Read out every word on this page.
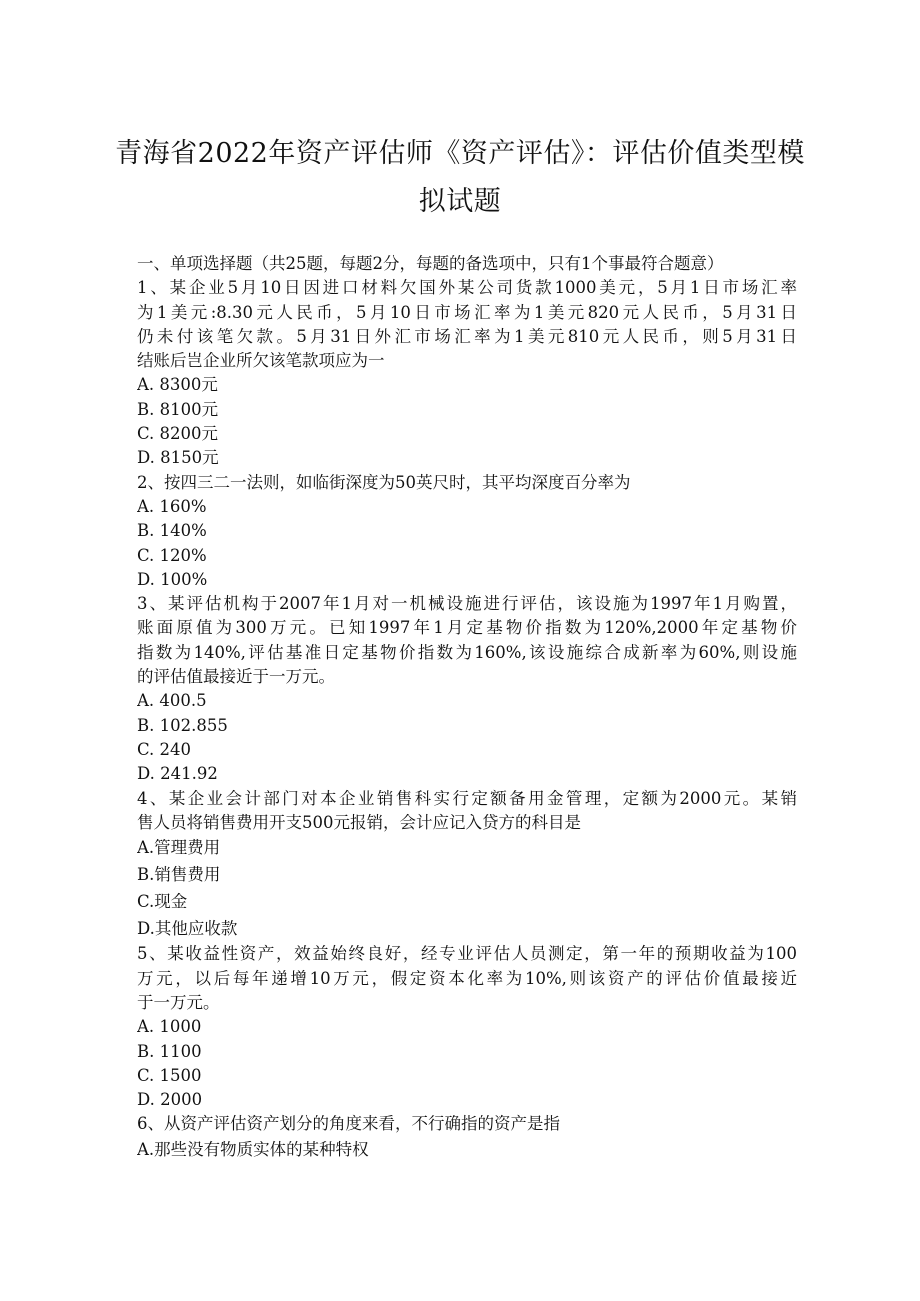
青海省2022年资产评估师《资产评估》：评估价值类型模
拟试题
一、单项选择题（共25题，每题2分，每题的备选项中，只有1个事最符合题意）
1、某企业5月10日因进口材料欠国外某公司货款1000美元，5月1日市场汇率
为1美元:8.30元人民币，5月10日市场汇率为1美元820元人民币，5月31日
仍未付该笔欠款。5月31日外汇市场汇率为1美元810元人民币，则5月31日
结账后岂企业所欠该笔款项应为一
A. 8300元
B. 8100元
C. 8200元
D. 8150元
2、按四三二一法则，如临街深度为50英尺时，其平均深度百分率为
A. 160%
B. 140%
C. 120%
D. 100%
3、某评估机构于2007年1月对一机械设施进行评估，该设施为1997年1月购置，
账面原值为300万元。已知1997年1月定基物价指数为120%,2000年定基物价
指数为140%,评估基准日定基物价指数为160%,该设施综合成新率为60%,则设施
的评估值最接近于一万元。
A. 400.5
B. 102.855
C. 240
D. 241.92
4、某企业会计部门对本企业销售科实行定额备用金管理，定额为2000元。某销
售人员将销售费用开支500元报销，会计应记入贷方的科目是
A.管理费用
B.销售费用
C.现金
D.其他应收款
5、某收益性资产，效益始终良好，经专业评估人员测定，第一年的预期收益为100
万元，以后每年递增10万元，假定资本化率为10%,则该资产的评估价值最接近
于一万元。
A. 1000
B. 1100
C. 1500
D. 2000
6、从资产评估资产划分的角度来看，不行确指的资产是指
A.那些没有物质实体的某种特权
